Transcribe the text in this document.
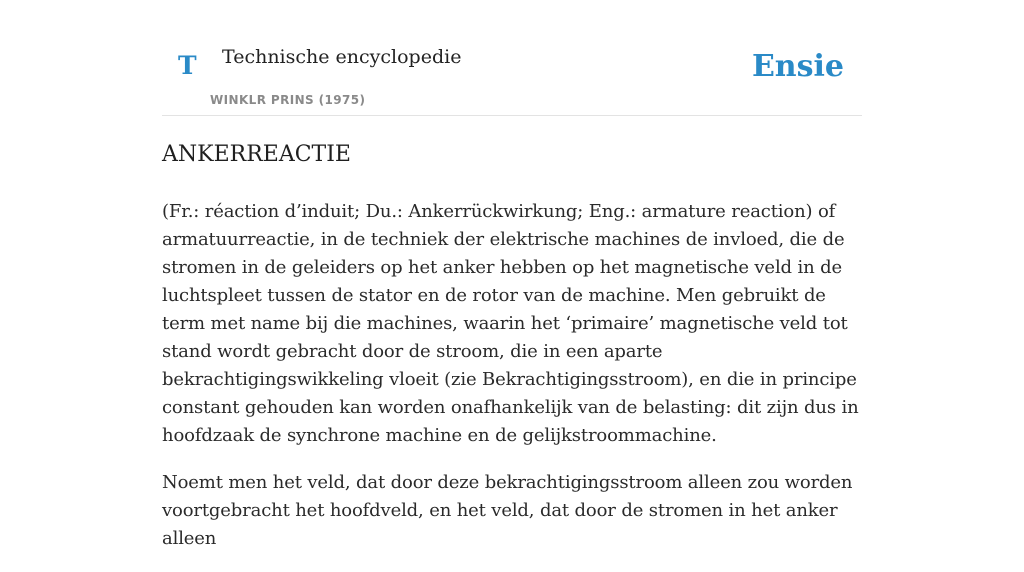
T Technische encyclopedie
WINKLR PRINS (1975)
Ensie
ANKERREACTIE

(Fr.: réaction d’induit; Du.: Ankerrückwirkung; Eng.: armature reaction) of armatuurreactie, in de techniek der elektrische machines de invloed, die de stromen in de geleiders op het anker hebben op het magnetische veld in de luchtspleet tussen de stator en de rotor van de machine. Men gebruikt de term met name bij die machines, waarin het ‘primaire’ magnetische veld tot stand wordt gebracht door de stroom, die in een aparte bekrachtigingswikkeling vloeit (zie Bekrachtigingsstroom), en die in principe constant gehouden kan worden onafhankelijk van de belasting: dit zijn dus in hoofdzaak de synchrone machine en de gelijkstroommachine.

Noemt men het veld, dat door deze bekrachtigingsstroom alleen zou worden voortgebracht het hoofdveld, en het veld, dat door de stromen in het anker alleen
